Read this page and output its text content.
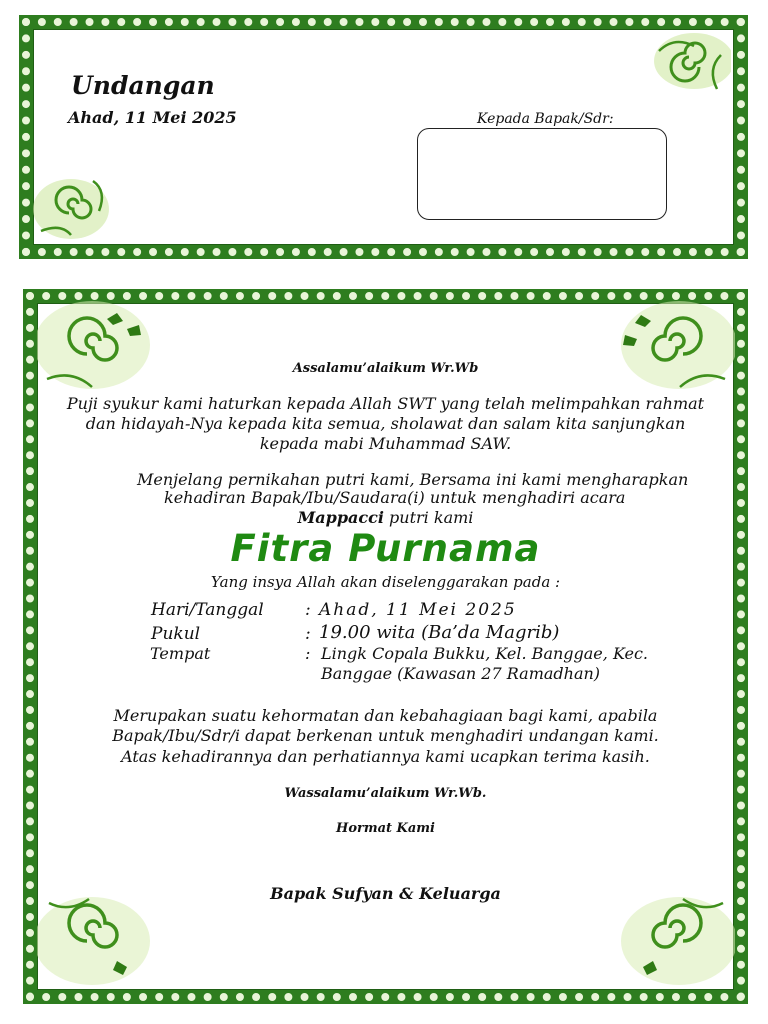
Undangan
Ahad, 11 Mei 2025	Kepada Bapak/Sdr:
Assalamu’alaikum Wr.Wb
Puji syukur kami haturkan kepada Allah SWT yang telah melimpahkan rahmat
dan hidayah-Nya kepada kita semua, sholawat dan salam kita sanjungkan
kepada mabi Muhammad SAW.
Menjelang pernikahan putri kami, Bersama ini kami mengharapkan
kehadiran Bapak/Ibu/Saudara(i) untuk menghadiri acara
Mappacci putri kami
Fitra Purnama
Yang insya Allah akan diselenggarakan pada :
Hari/Tanggal : Ahad, 11 Mei 2025
Pukul	: 19.00 wita (Ba’da Magrib)
Tempat	: Lingk Copala Bukku, Kel. Banggae, Kec.
Banggae (Kawasan 27 Ramadhan)
Merupakan suatu kehormatan dan kebahagiaan bagi kami, apabila
Bapak/Ibu/Sdr/i dapat berkenan untuk menghadiri undangan kami.
Atas kehadirannya dan perhatiannya kami ucapkan terima kasih.
Wassalamu’alaikum Wr.Wb.
Hormat Kami
Bapak Sufyan & Keluarga
